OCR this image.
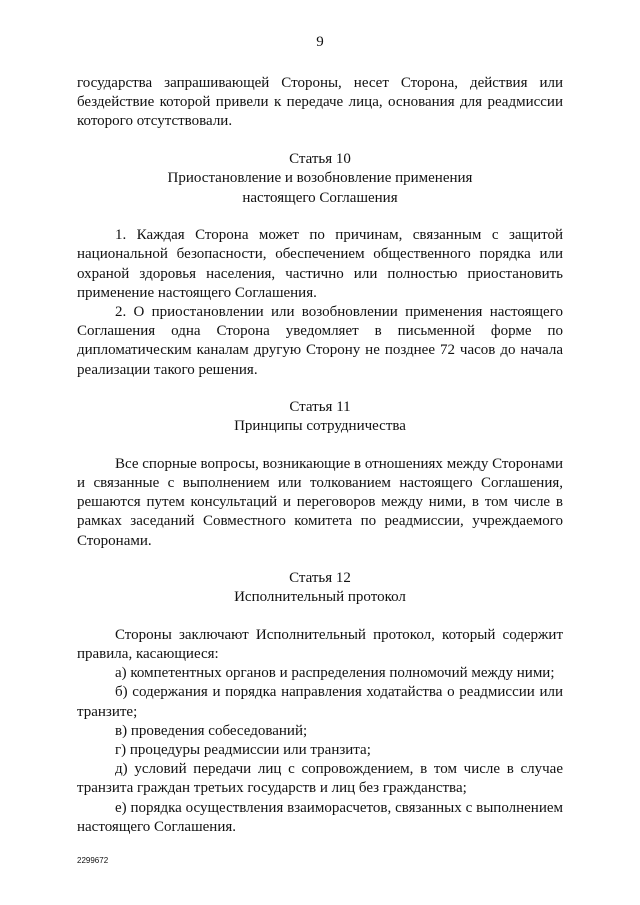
9

государства запрашивающей Стороны, несет Сторона, действия или бездействие которой привели к передаче лица, основания для реадмиссии которого отсутствовали.

Статья 10
Приостановление и возобновление применения
настоящего Соглашения

1. Каждая Сторона может по причинам, связанным с защитой национальной безопасности, обеспечением общественного порядка или охраной здоровья населения, частично или полностью приостановить применение настоящего Соглашения.

2. О приостановлении или возобновлении применения настоящего Соглашения одна Сторона уведомляет в письменной форме по дипломатическим каналам другую Сторону не позднее 72 часов до начала реализации такого решения.

Статья 11
Принципы сотрудничества

Все спорные вопросы, возникающие в отношениях между Сторонами и связанные с выполнением или толкованием настоящего Соглашения, решаются путем консультаций и переговоров между ними, в том числе в рамках заседаний Совместного комитета по реадмиссии, учреждаемого Сторонами.

Статья 12
Исполнительный протокол

Стороны заключают Исполнительный протокол, который содержит правила, касающиеся:

а) компетентных органов и распределения полномочий между ними;

б) содержания и порядка направления ходатайства о реадмиссии или транзите;

в) проведения собеседований;

г) процедуры реадмиссии или транзита;

д) условий передачи лиц с сопровождением, в том числе в случае транзита граждан третьих государств и лиц без гражданства;

е) порядка осуществления взаиморасчетов, связанных с выполнением настоящего Соглашения.

2299672
